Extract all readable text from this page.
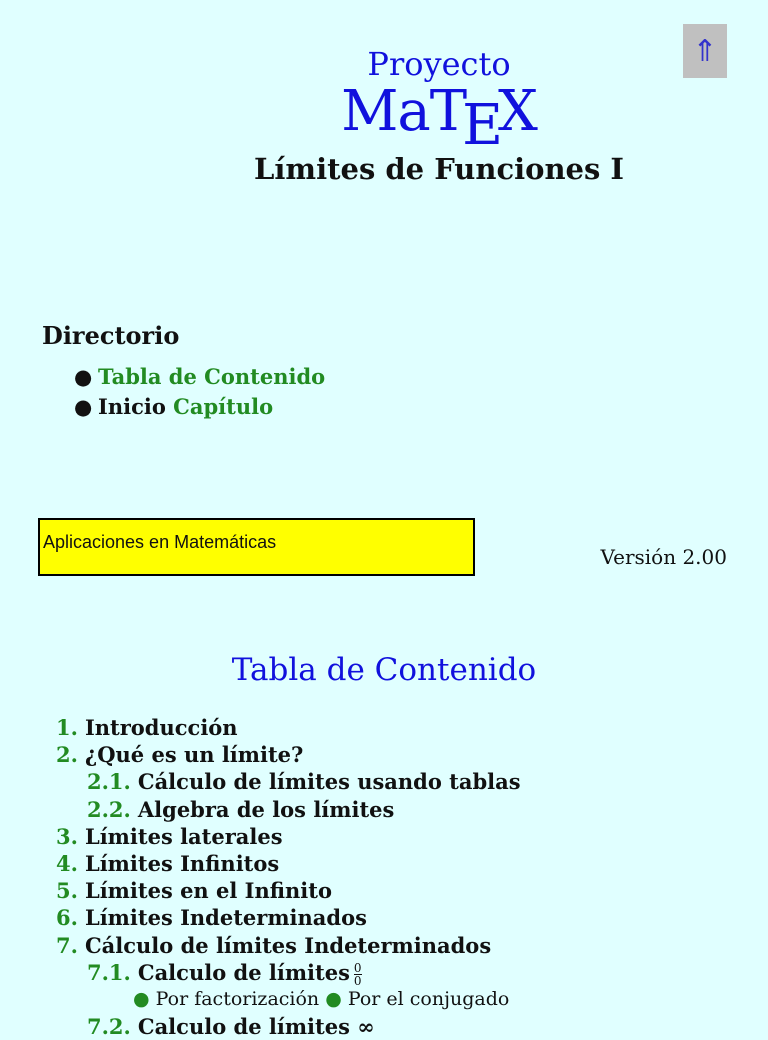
⇑
Proyecto
MaTEX
Límites de Funciones I
Directorio
● Tabla de Contenido
● Inicio Capítulo
Aplicaciones en Matemáticas
Versión 2.00
Tabla de Contenido
1. Introducción
2. ¿Qué es un límite?
2.1. Cálculo de límites usando tablas
2.2. Algebra de los límites
3. Límites laterales
4. Límites Infinitos
5. Límites en el Infinito
6. Límites Indeterminados
7. Cálculo de límites Indeterminados
7.1. Calculo de límites $\frac{0}{0}$
● Por factorización ● Por el conjugado
7.2. Calculo de límites ∞
